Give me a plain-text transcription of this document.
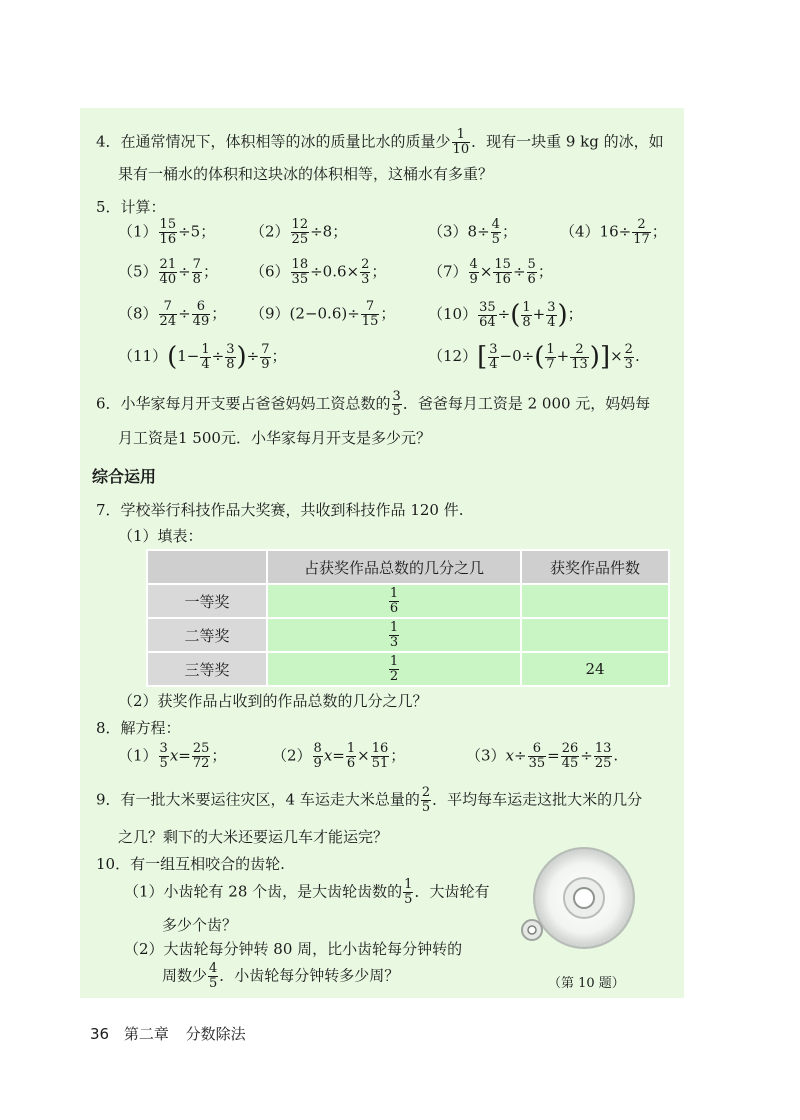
4．在通常情况下，体积相等的冰的质量比水的质量少 $\frac{1}{10}$ ．现有一块重 9 kg 的冰，如
果有一桶水的体积和这块冰的体积相等，这桶水有多重？
5．计算：
$(1) \frac{15}{16} \div 5$； $(2) \frac{12}{25} \div 8$；	$(3)8\div \frac{4}{5}$ ；	$(4)16\div \frac{2}{17}$ ；
$(5) \frac{21}{40} \div \frac{7}{8}$ ； $(6) \frac{18}{35} \div 0.6\times \frac{2}{3}$ ；	$(7) \frac{4}{9} \times \frac{15}{16} \div \frac{5}{6}$ ；
$(8) \frac{7}{24} \div \frac{6}{49}$ ； $(9)(2-0.6)\div \frac{7}{15}$ ； $(10) \frac{35}{64}$ ÷( $\frac{1}{8} + \frac{3}{4}$ )；
$(11)(1- \frac{1}{4} \div \frac{3}{8}$ )÷ $\frac{7}{9}$ ；	$(12)[ \frac{3}{4} -0\div( \frac{1}{7} + \frac{2}{13}$ )]× $\frac{2}{3}$ .
6．小华家每月开支要占爸爸妈妈工资总数的 $\frac{3}{5}$ ．爸爸每月工资是 2 000 元，妈妈每
月工资是1 500元．小华家每月开支是多少元？
综合运用
7．学校举行科技作品大奖赛，共收到科技作品 120 件.
（1）填表：
	占获奖作品总数的几分之几	获奖作品件数
一等奖	$\frac{1}{6}$

二等奖	$\frac{1}{3}$

三等奖	$\frac{1}{2}$	24
（2）获奖作品占收到的作品总数的几分之几？
8．解方程：
$(1) \frac{3}{5} x= \frac{25}{72}$ ；	$(2) \frac{8}{9} x= \frac{1}{6} \times \frac{16}{51}$ ；	$(3)x\div \frac{6}{35} = \frac{26}{45} \div \frac{13}{25}$ .
9．有一批大米要运往灾区，4 车运走大米总量的 $\frac{2}{5}$ ．平均每车运走这批大米的几分
之几？剩下的大米还要运几车才能运完？
10．有一组互相咬合的齿轮.
（1）小齿轮有 28 个齿，是大齿轮齿数的 $\frac{1}{5}$ ．大齿轮有
多少个齿？
（2）大齿轮每分钟转 80 周，比小齿轮每分钟转的
周数少 $\frac{4}{5}$ ．小齿轮每分钟转多少周？	（第 10 题）
36 第二章 分数除法
